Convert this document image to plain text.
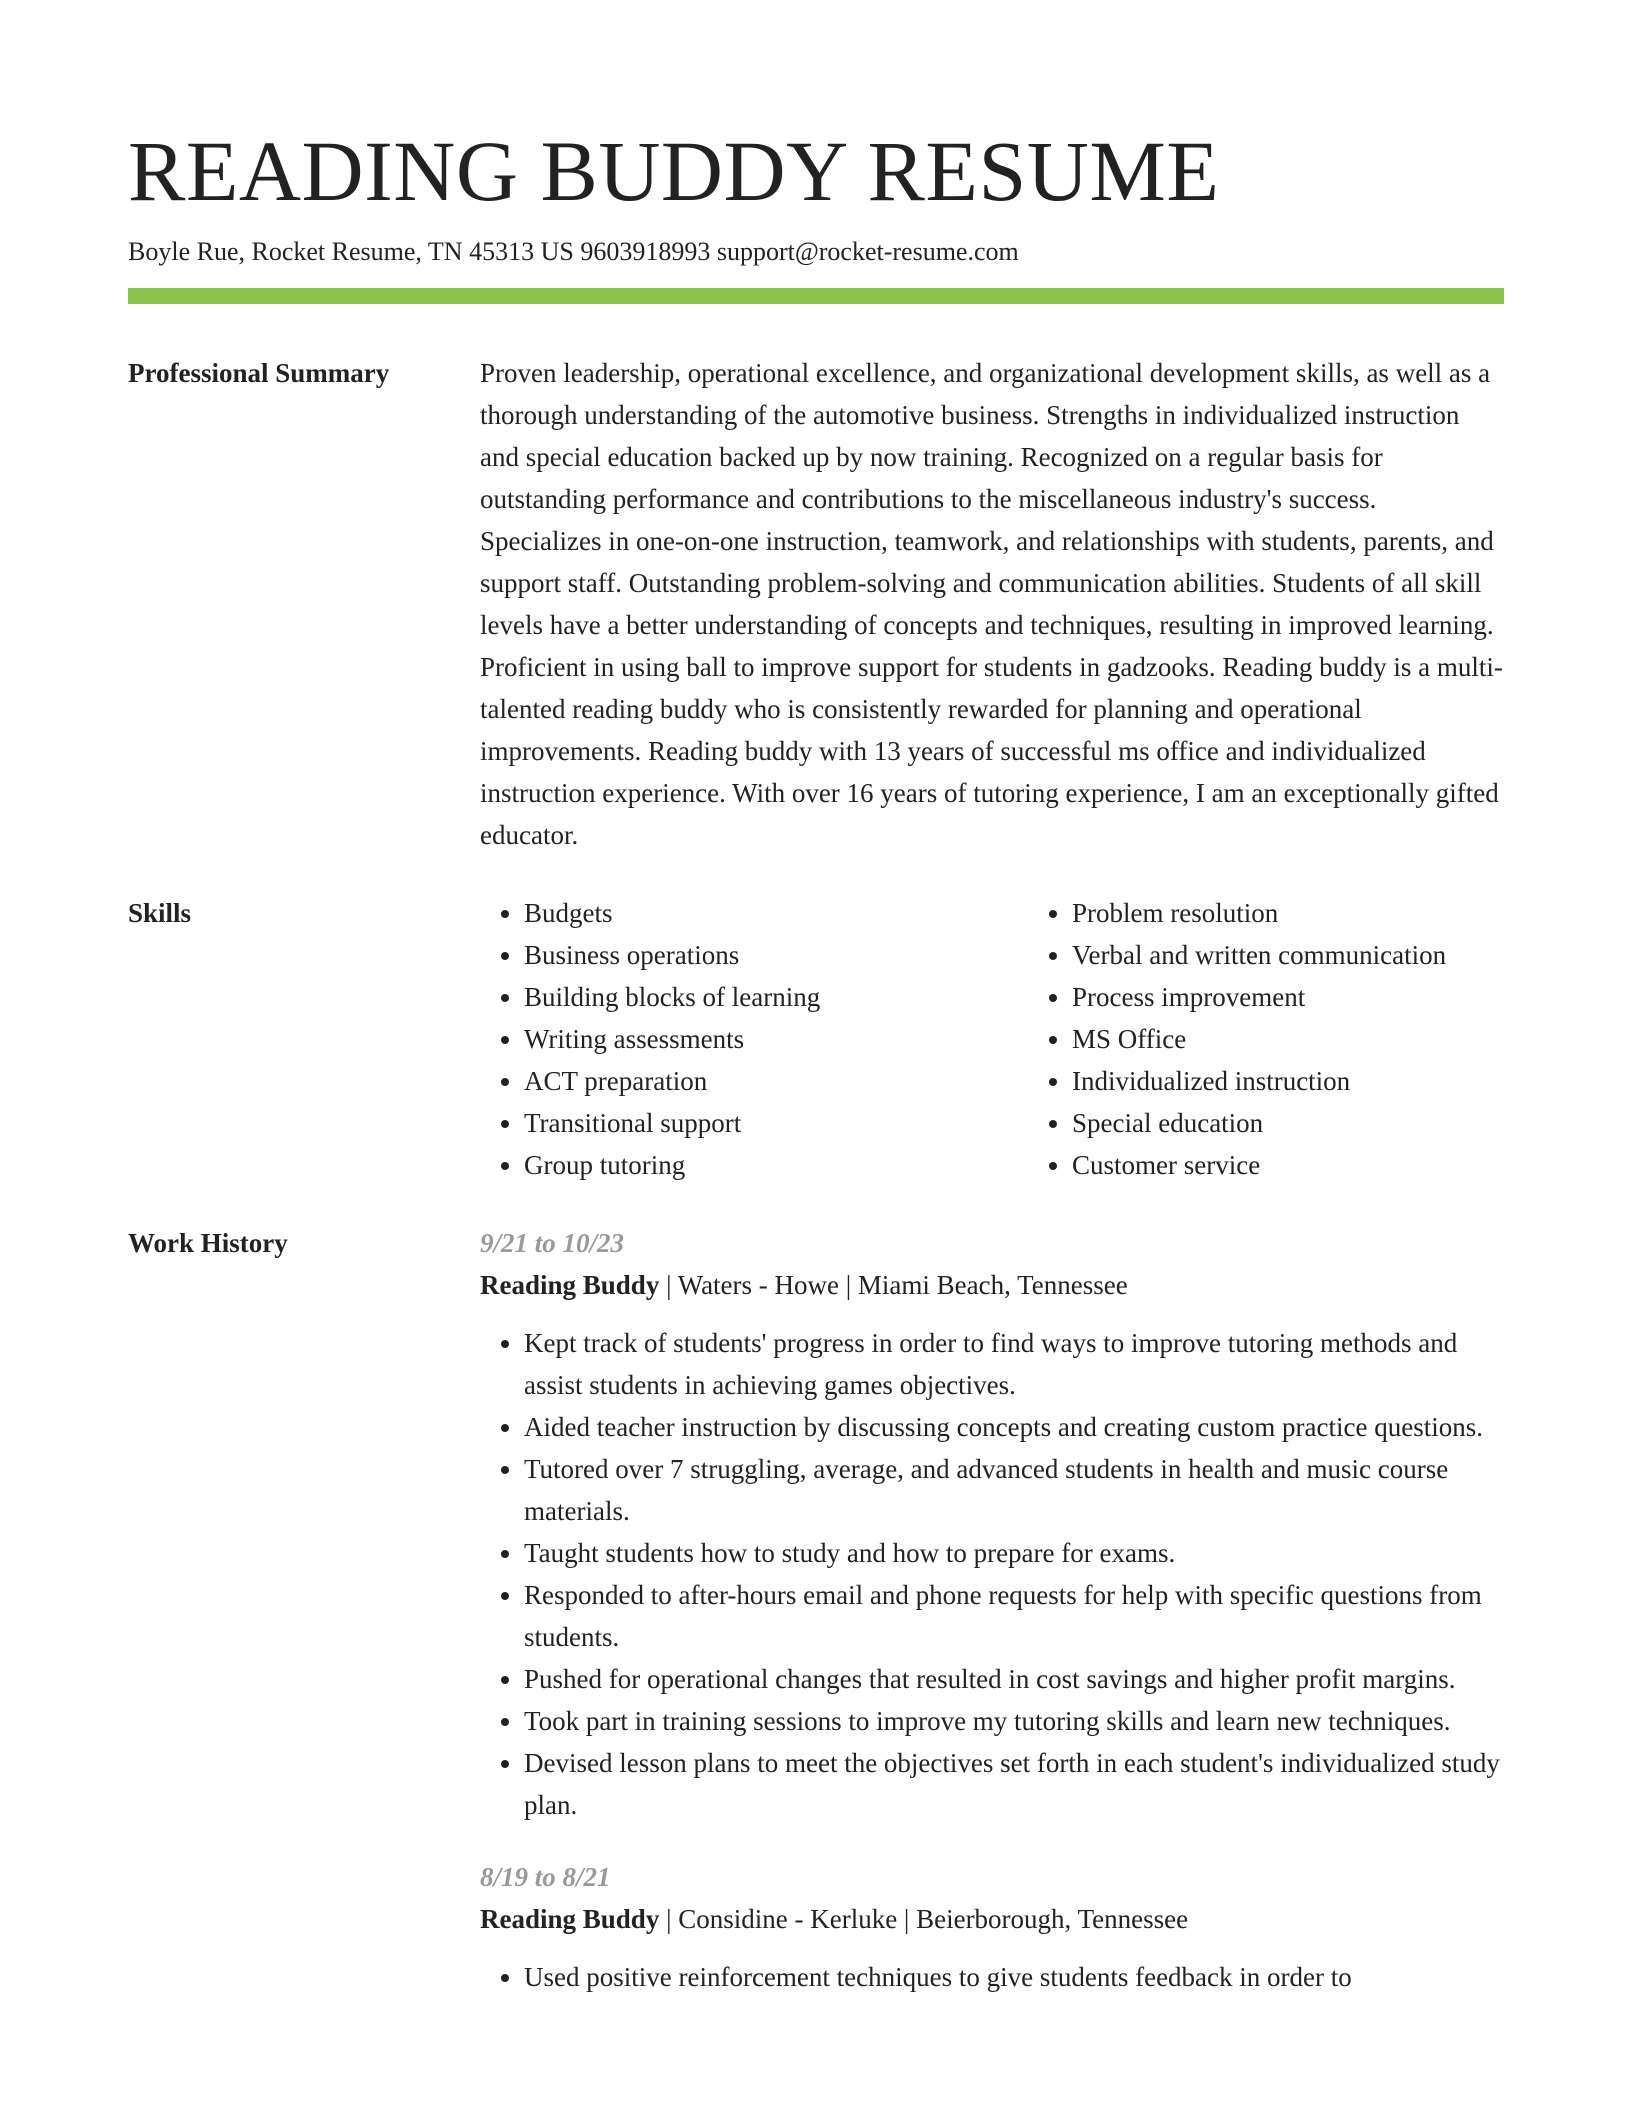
READING BUDDY RESUME
Boyle Rue, Rocket Resume, TN 45313 US 9603918993 support@rocket-resume.com
Professional Summary	Proven leadership, operational excellence, and organizational development skills, as well as a thorough understanding of the automotive business. Strengths in individualized instruction and special education backed up by now training. Recognized on a regular basis for outstanding performance and contributions to the miscellaneous industry's success. Specializes in one-on-one instruction, teamwork, and relationships with students, parents, and support staff. Outstanding problem-solving and communication abilities. Students of all skill levels have a better understanding of concepts and techniques, resulting in improved learning. Proficient in using ball to improve support for students in gadzooks. Reading buddy is a multi-talented reading buddy who is consistently rewarded for planning and operational improvements. Reading buddy with 13 years of successful ms office and individualized instruction experience. With over 16 years of tutoring experience, I am an exceptionally gifted educator.

Skills
•	Budgets
• Business operations
• Building blocks of learning
• Writing assessments
• ACT preparation
• Transitional support
• Group tutoring
• Problem resolution
• Verbal and written communication
• Process improvement
• MS Office
• Individualized instruction
• Special education
• Customer service
Work History	9/21 to 10/23
Reading Buddy | Waters - Howe | Miami Beach, Tennessee
• Kept track of students' progress in order to find ways to improve tutoring methods and assist students in achieving games objectives.
• Aided teacher instruction by discussing concepts and creating custom practice questions.
• Tutored over 7 struggling, average, and advanced students in health and music course materials.
• Taught students how to study and how to prepare for exams.
• Responded to after-hours email and phone requests for help with specific questions from students.
• Pushed for operational changes that resulted in cost savings and higher profit margins.
• Took part in training sessions to improve my tutoring skills and learn new techniques.
• Devised lesson plans to meet the objectives set forth in each student's individualized study plan.
8/19 to 8/21
Reading Buddy | Considine - Kerluke | Beierborough, Tennessee
• Used positive reinforcement techniques to give students feedback in order to
